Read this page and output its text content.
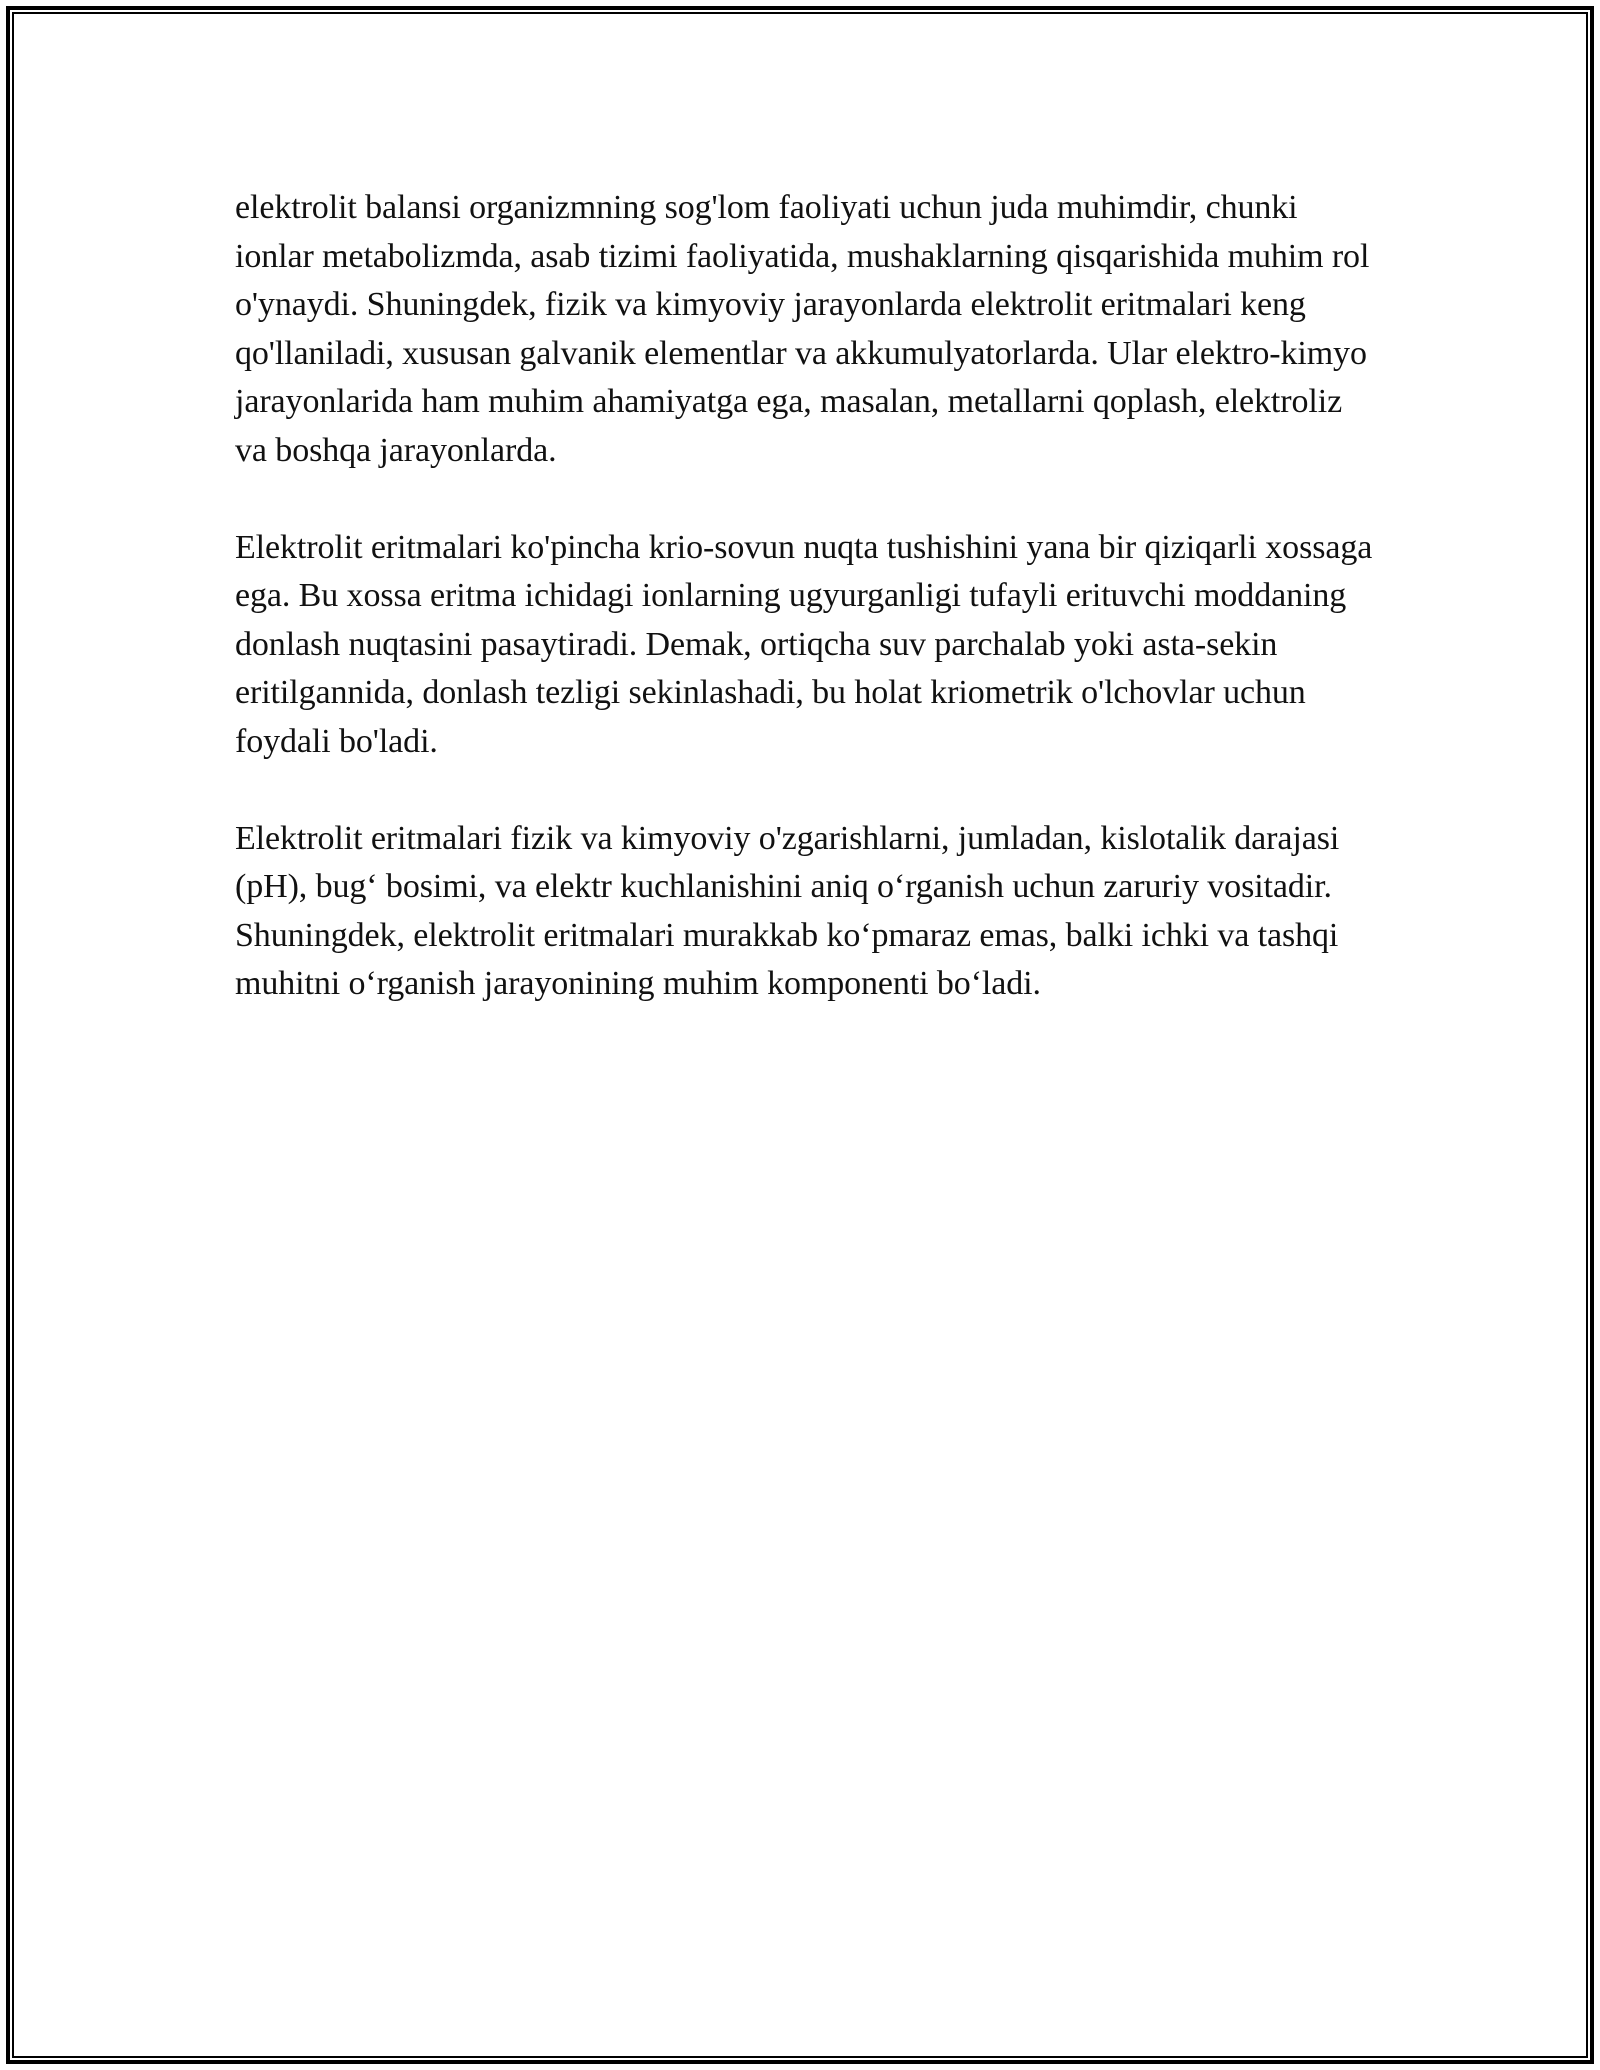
elektrolit balansi organizmning sog'lom faoliyati uchun juda muhimdir, chunki ionlar metabolizmda, asab tizimi faoliyatida, mushaklarning qisqarishida muhim rol o'ynaydi. Shuningdek, fizik va kimyoviy jarayonlarda elektrolit eritmalari keng qo'llaniladi, xususan galvanik elementlar va akkumulyatorlarda. Ular elektro-kimyo jarayonlarida ham muhim ahamiyatga ega, masalan, metallarni qoplash, elektroliz va boshqa jarayonlarda.

Elektrolit eritmalari ko'pincha krio-sovun nuqta tushishini yana bir qiziqarli xossaga ega. Bu xossa eritma ichidagi ionlarning ugyurganligi tufayli erituvchi moddaning donlash nuqtasini pasaytiradi. Demak, ortiqcha suv parchalab yoki asta-sekin eritilgannida, donlash tezligi sekinlashadi, bu holat kriometrik o'lchovlar uchun foydali bo'ladi.

Elektrolit eritmalari fizik va kimyoviy o'zgarishlarni, jumladan, kislotalik darajasi (pH), bug‘ bosimi, va elektr kuchlanishini aniq o‘rganish uchun zaruriy vositadir. Shuningdek, elektrolit eritmalari murakkab ko‘pmaraz emas, balki ichki va tashqi muhitni o‘rganish jarayonining muhim komponenti bo‘ladi.
